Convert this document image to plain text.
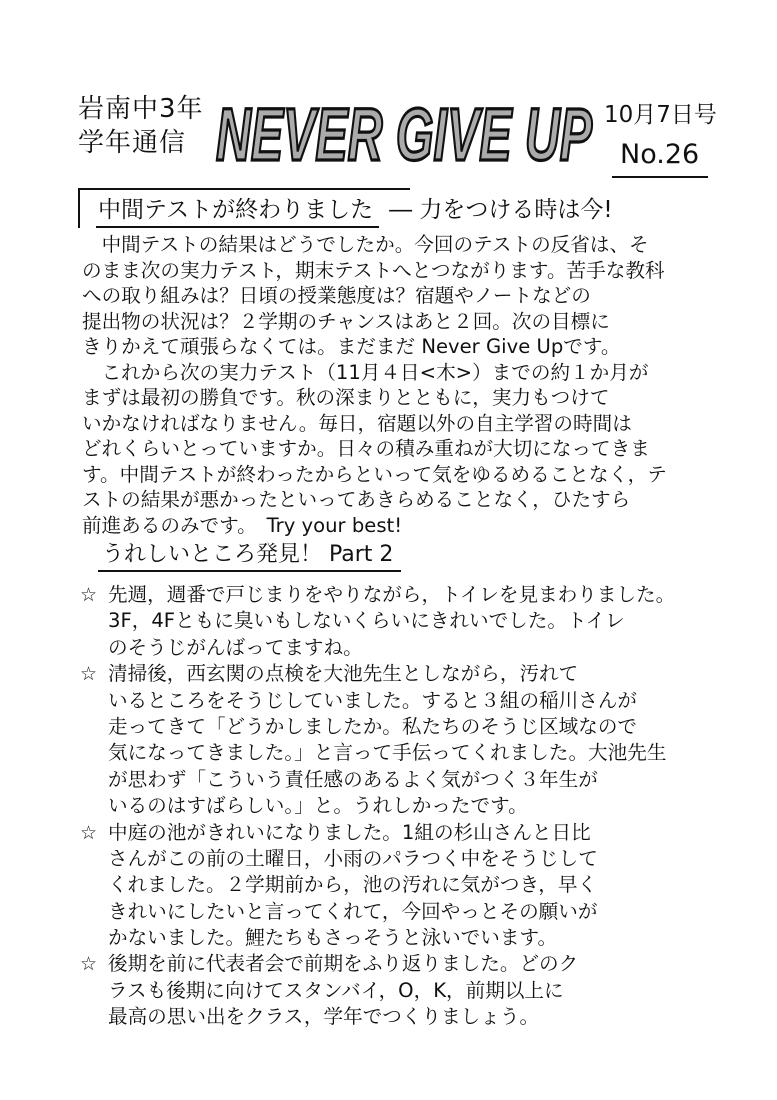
岩南中3年
学年通信 NEVER GIVE UP
NEVER GIVE UP 10月7日号
No.26
中間テストが終わりました ― 力をつける時は今!
　中間テストの結果はどうでしたか。今回のテストの反省は、そ
のまま次の実力テスト，期末テストへとつながります。苦手な教科
への取り組みは？日頃の授業態度は？宿題やノートなどの
提出物の状況は？２学期のチャンスはあと２回。次の目標に
きりかえて頑張らなくては。まだまだ Never Give Upです。
　これから次の実力テスト（11月４日<木>）までの約１か月が
まずは最初の勝負です。秋の深まりとともに，実力もつけて
いかなければなりません。毎日，宿題以外の自主学習の時間は
どれくらいとっていますか。日々の積み重ねが大切になってきま
す。中間テストが終わったからといって気をゆるめることなく，テ
ストの結果が悪かったといってあきらめることなく，ひたすら
前進あるのみです。　Try your best!
うれしいところ発見！ Part 2
☆ 先週，週番で戸じまりをやりながら，トイレを見まわりました。
3F，4Fともに臭いもしないくらいにきれいでした。トイレ
のそうじがんばってますね。
☆ 清掃後，西玄関の点検を大池先生としながら，汚れて
いるところをそうじしていました。すると３組の稲川さんが
走ってきて「どうかしましたか。私たちのそうじ区域なので
気になってきました。」と言って手伝ってくれました。大池先生
が思わず「こういう責任感のあるよく気がつく３年生が
いるのはすばらしい。」と。うれしかったです。
☆ 中庭の池がきれいになりました。1組の杉山さんと日比
さんがこの前の土曜日，小雨のパラつく中をそうじして
くれました。２学期前から，池の汚れに気がつき，早く
きれいにしたいと言ってくれて，今回やっとその願いが
かないました。鯉たちもさっそうと泳いでいます。
☆ 後期を前に代表者会で前期をふり返りました。どのク
ラスも後期に向けてスタンバイ，O，K，前期以上に
最高の思い出をクラス，学年でつくりましょう。
